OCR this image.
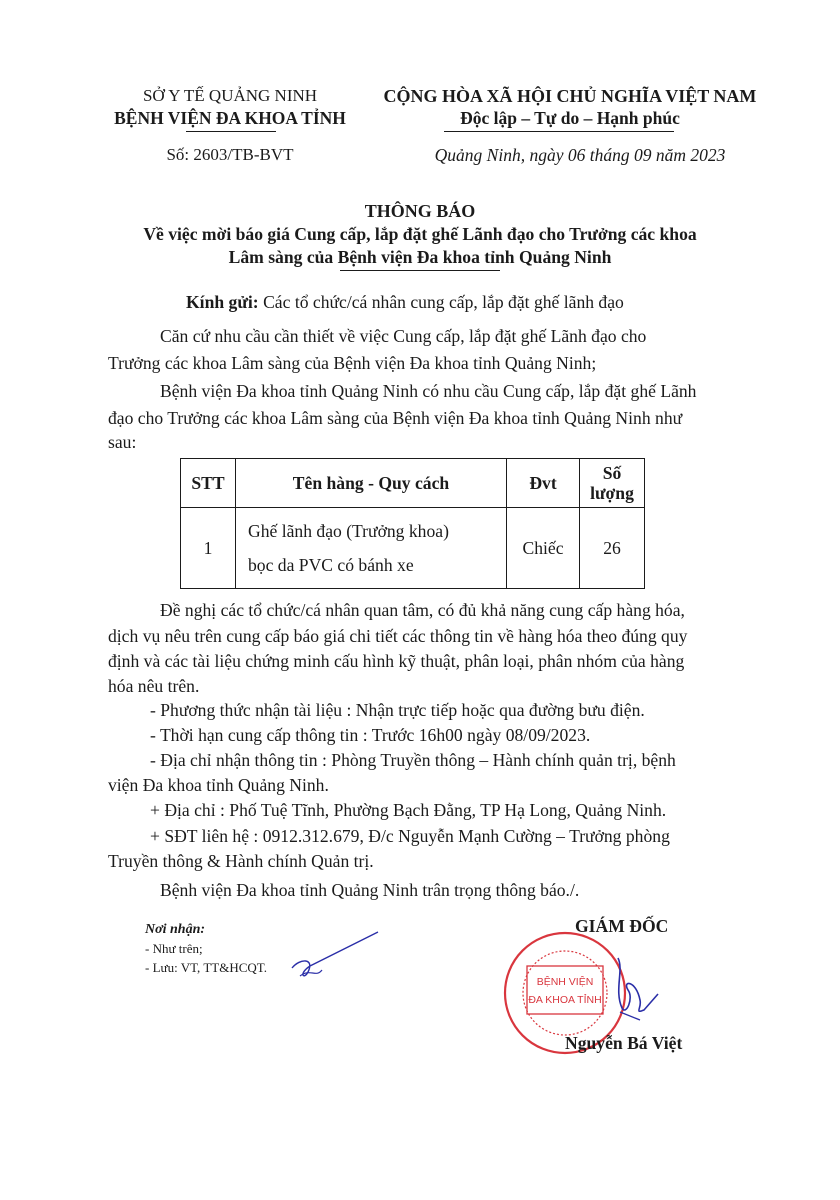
SỞ Y TẾ QUẢNG NINH
BỆNH VIỆN ĐA KHOA TỈNH
Số: 2603/TB-BVT
CỘNG HÒA XÃ HỘI CHỦ NGHĨA VIỆT NAM
Độc lập – Tự do – Hạnh phúc
Quảng Ninh, ngày 06 tháng 09 năm 2023
THÔNG BÁO
Về việc mời báo giá Cung cấp, lắp đặt ghế Lãnh đạo cho Trưởng các khoa
Lâm sàng của Bệnh viện Đa khoa tỉnh Quảng Ninh
Kính gửi: Các tổ chức/cá nhân cung cấp, lắp đặt ghế lãnh đạo
Căn cứ nhu cầu cần thiết về việc Cung cấp, lắp đặt ghế Lãnh đạo cho
Trưởng các khoa Lâm sàng của Bệnh viện Đa khoa tỉnh Quảng Ninh;
Bệnh viện Đa khoa tỉnh Quảng Ninh có nhu cầu Cung cấp, lắp đặt ghế Lãnh
đạo cho Trưởng các khoa Lâm sàng của Bệnh viện Đa khoa tỉnh Quảng Ninh như
sau:
STT	Tên hàng - Quy cách	Đvt	Số
lượng
1	Ghế lãnh đạo (Trưởng khoa)
bọc da PVC có bánh xe	Chiếc	26
Đề nghị các tổ chức/cá nhân quan tâm, có đủ khả năng cung cấp hàng hóa,
dịch vụ nêu trên cung cấp báo giá chi tiết các thông tin về hàng hóa theo đúng quy
định và các tài liệu chứng minh cấu hình kỹ thuật, phân loại, phân nhóm của hàng
hóa nêu trên.
- Phương thức nhận tài liệu : Nhận trực tiếp hoặc qua đường bưu điện.
- Thời hạn cung cấp thông tin : Trước 16h00 ngày 08/09/2023.
- Địa chỉ nhận thông tin : Phòng Truyền thông – Hành chính quản trị, bệnh
viện Đa khoa tỉnh Quảng Ninh.
+ Địa chỉ : Phố Tuệ Tĩnh, Phường Bạch Đằng, TP Hạ Long, Quảng Ninh.
+ SĐT liên hệ : 0912.312.679, Đ/c Nguyễn Mạnh Cường – Trưởng phòng
Truyền thông & Hành chính Quản trị.
Bệnh viện Đa khoa tỉnh Quảng Ninh trân trọng thông báo./.
Nơi nhận:
- Như trên;
- Lưu: VT, TT&HCQT.
GIÁM ĐỐC
BỆNH VIỆN
ĐA KHOA TỈNH
Nguyễn Bá Việt
